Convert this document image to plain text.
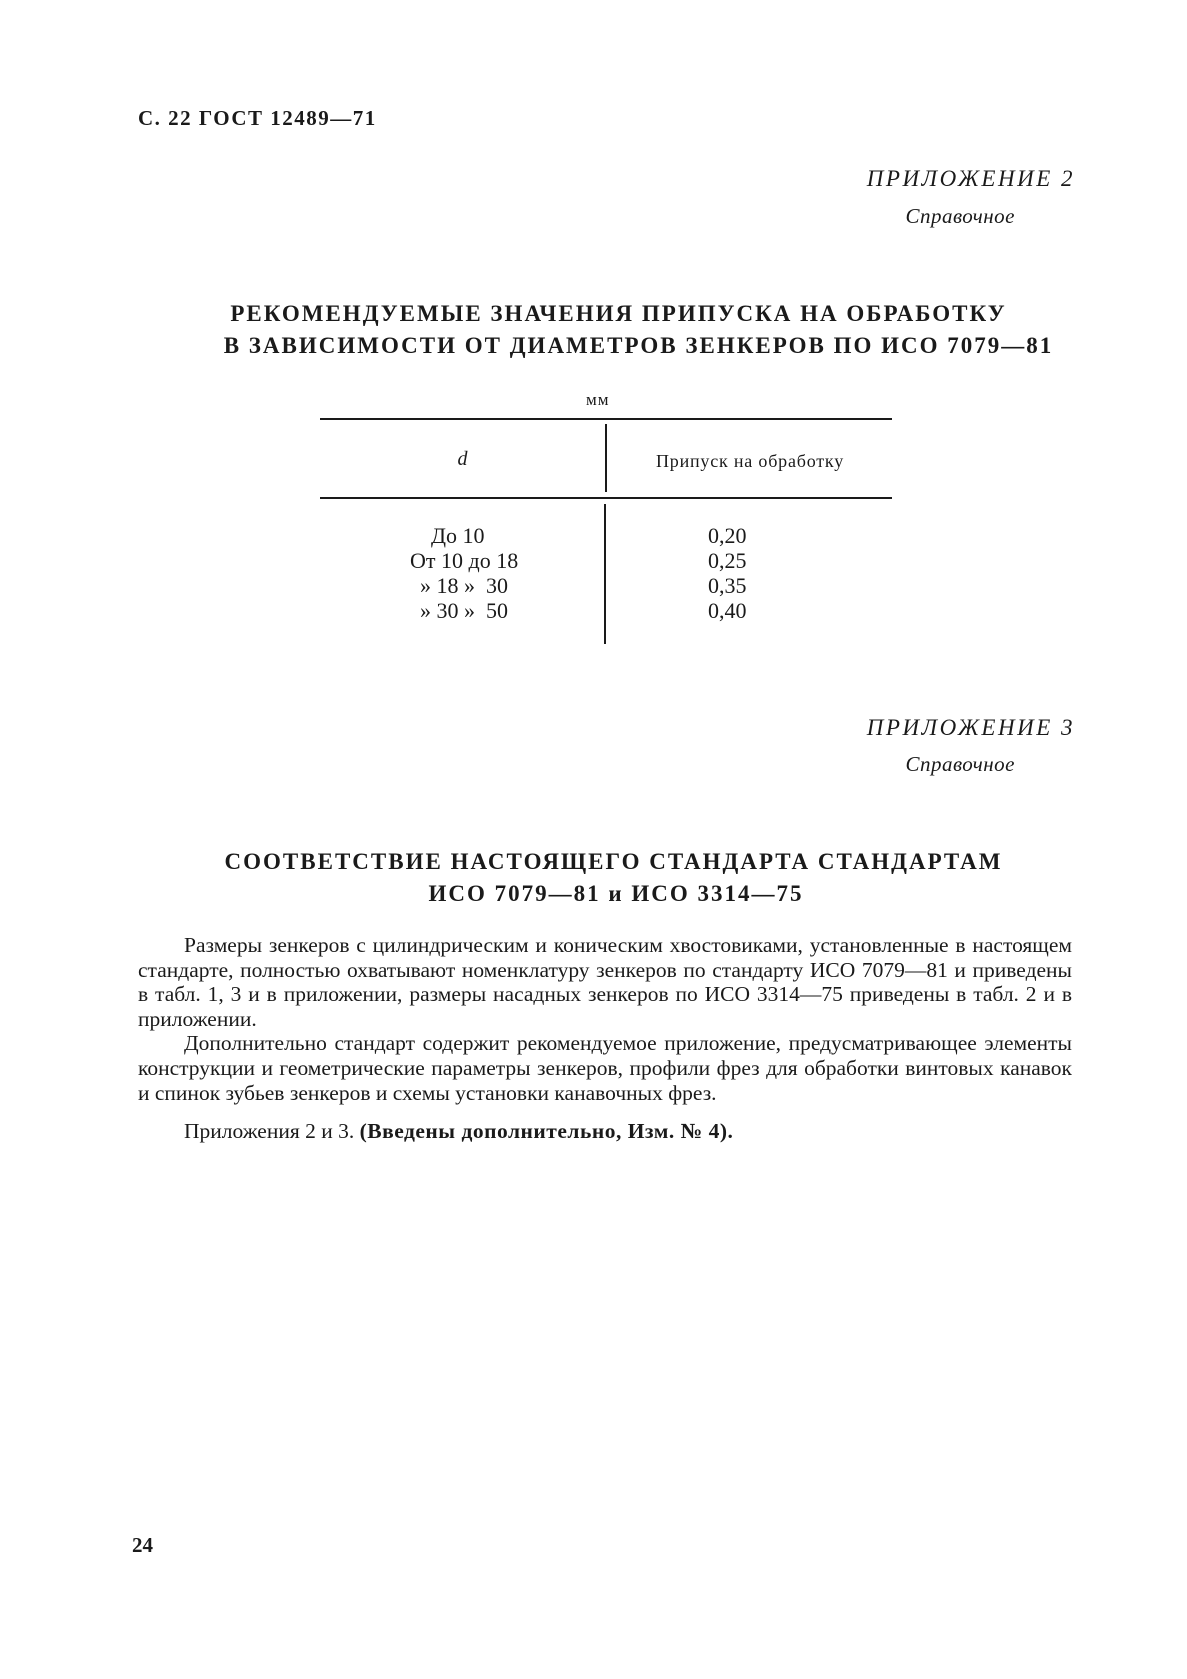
С. 22 ГОСТ 12489—71
ПРИЛОЖЕНИЕ 2
Справочное
РЕКОМЕНДУЕМЫЕ ЗНАЧЕНИЯ ПРИПУСКА НА ОБРАБОТКУ
В ЗАВИСИМОСТИ ОТ ДИАМЕТРОВ ЗЕНКЕРОВ ПО ИСО 7079—81
мм
d	Припуск на обработку
До 10
От 10 до 18
» 18 »  30
» 30 »  50
0,20
0,25
0,35
0,40
ПРИЛОЖЕНИЕ 3
Справочное
СООТВЕТСТВИЕ НАСТОЯЩЕГО СТАНДАРТА СТАНДАРТАМ
ИСО 7079—81 и ИСО 3314—75

Размеры зенкеров с цилиндрическим и коническим хвостовиками, установленные в настоящем стандарте, полностью охватывают номенклатуру зенкеров по стандарту ИСО 7079—81 и приведены в табл. 1, 3 и в приложении, размеры насадных зенкеров по ИСО 3314—75 приведены в табл. 2 и в приложении.

Дополнительно стандарт содержит рекомендуемое приложение, предусматривающее элементы конструкции и геометрические параметры зенкеров, профили фрез для обработки винтовых канавок и спинок зубьев зенкеров и схемы установки канавочных фрез.

Приложения 2 и 3. (Введены дополнительно, Изм. № 4).

24
